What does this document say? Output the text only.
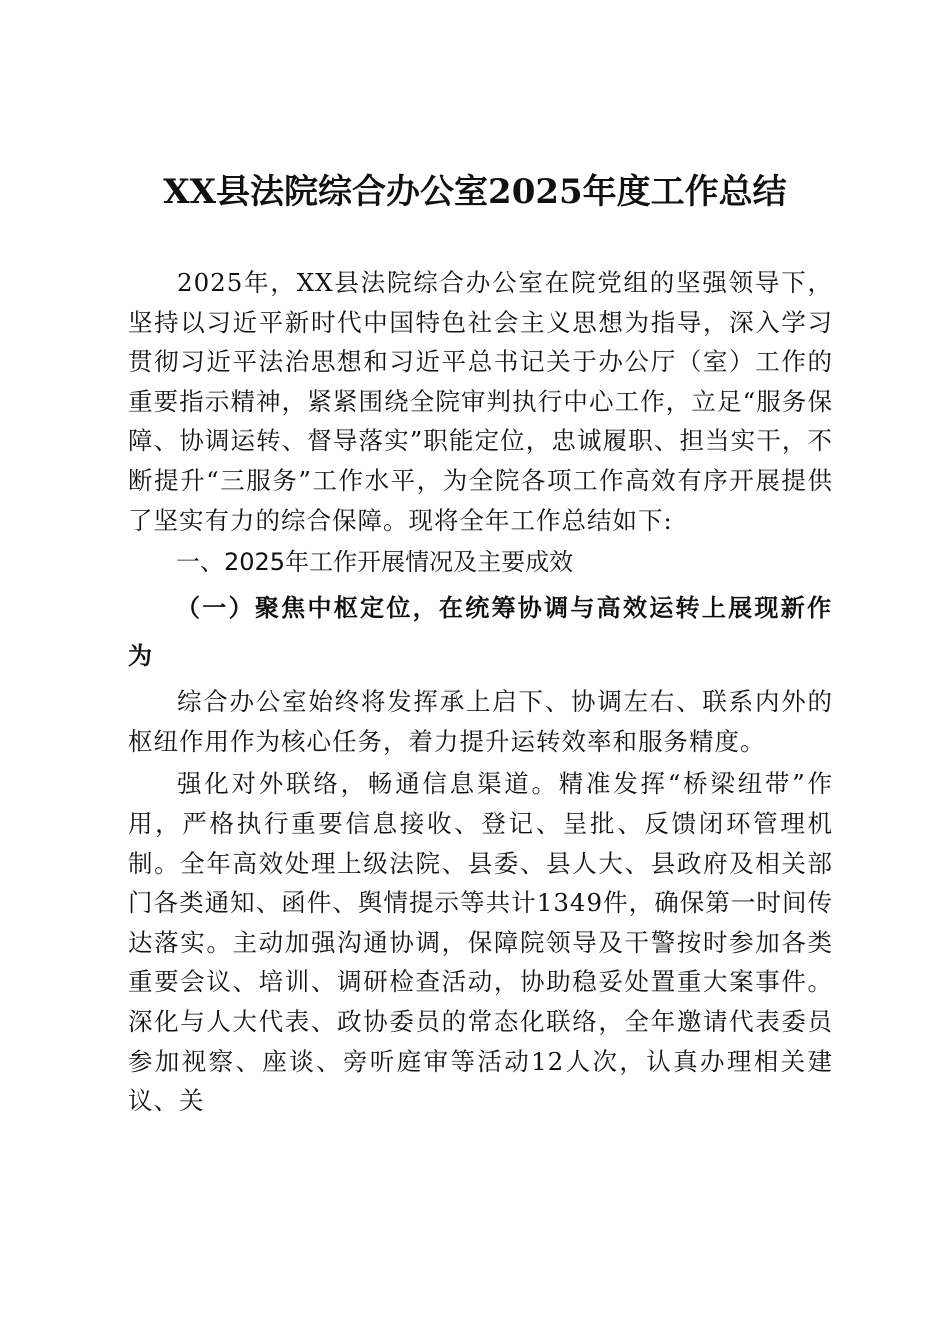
XX县法院综合办公室2025年度工作总结

2025年，XX县法院综合办公室在院党组的坚强领导下，坚持以习近平新时代中国特色社会主义思想为指导，深入学习贯彻习近平法治思想和习近平总书记关于办公厅（室）工作的重要指示精神，紧紧围绕全院审判执行中心工作，立足“服务保障、协调运转、督导落实”职能定位，忠诚履职、担当实干，不断提升“三服务”工作水平，为全院各项工作高效有序开展提供了坚实有力的综合保障。现将全年工作总结如下:

一、2025年工作开展情况及主要成效

（一）聚焦中枢定位，在统筹协调与高效运转上展现新作为

综合办公室始终将发挥承上启下、协调左右、联系内外的枢纽作用作为核心任务，着力提升运转效率和服务精度。

强化对外联络，畅通信息渠道。精准发挥“桥梁纽带”作用，严格执行重要信息接收、登记、呈批、反馈闭环管理机制。全年高效处理上级法院、县委、县人大、县政府及相关部门各类通知、函件、舆情提示等共计1349件，确保第一时间传达落实。主动加强沟通协调，保障院领导及干警按时参加各类重要会议、培训、调研检查活动，协助稳妥处置重大案事件。深化与人大代表、政协委员的常态化联络，全年邀请代表委员参加视察、座谈、旁听庭审等活动12人次，认真办理相关建议、关
